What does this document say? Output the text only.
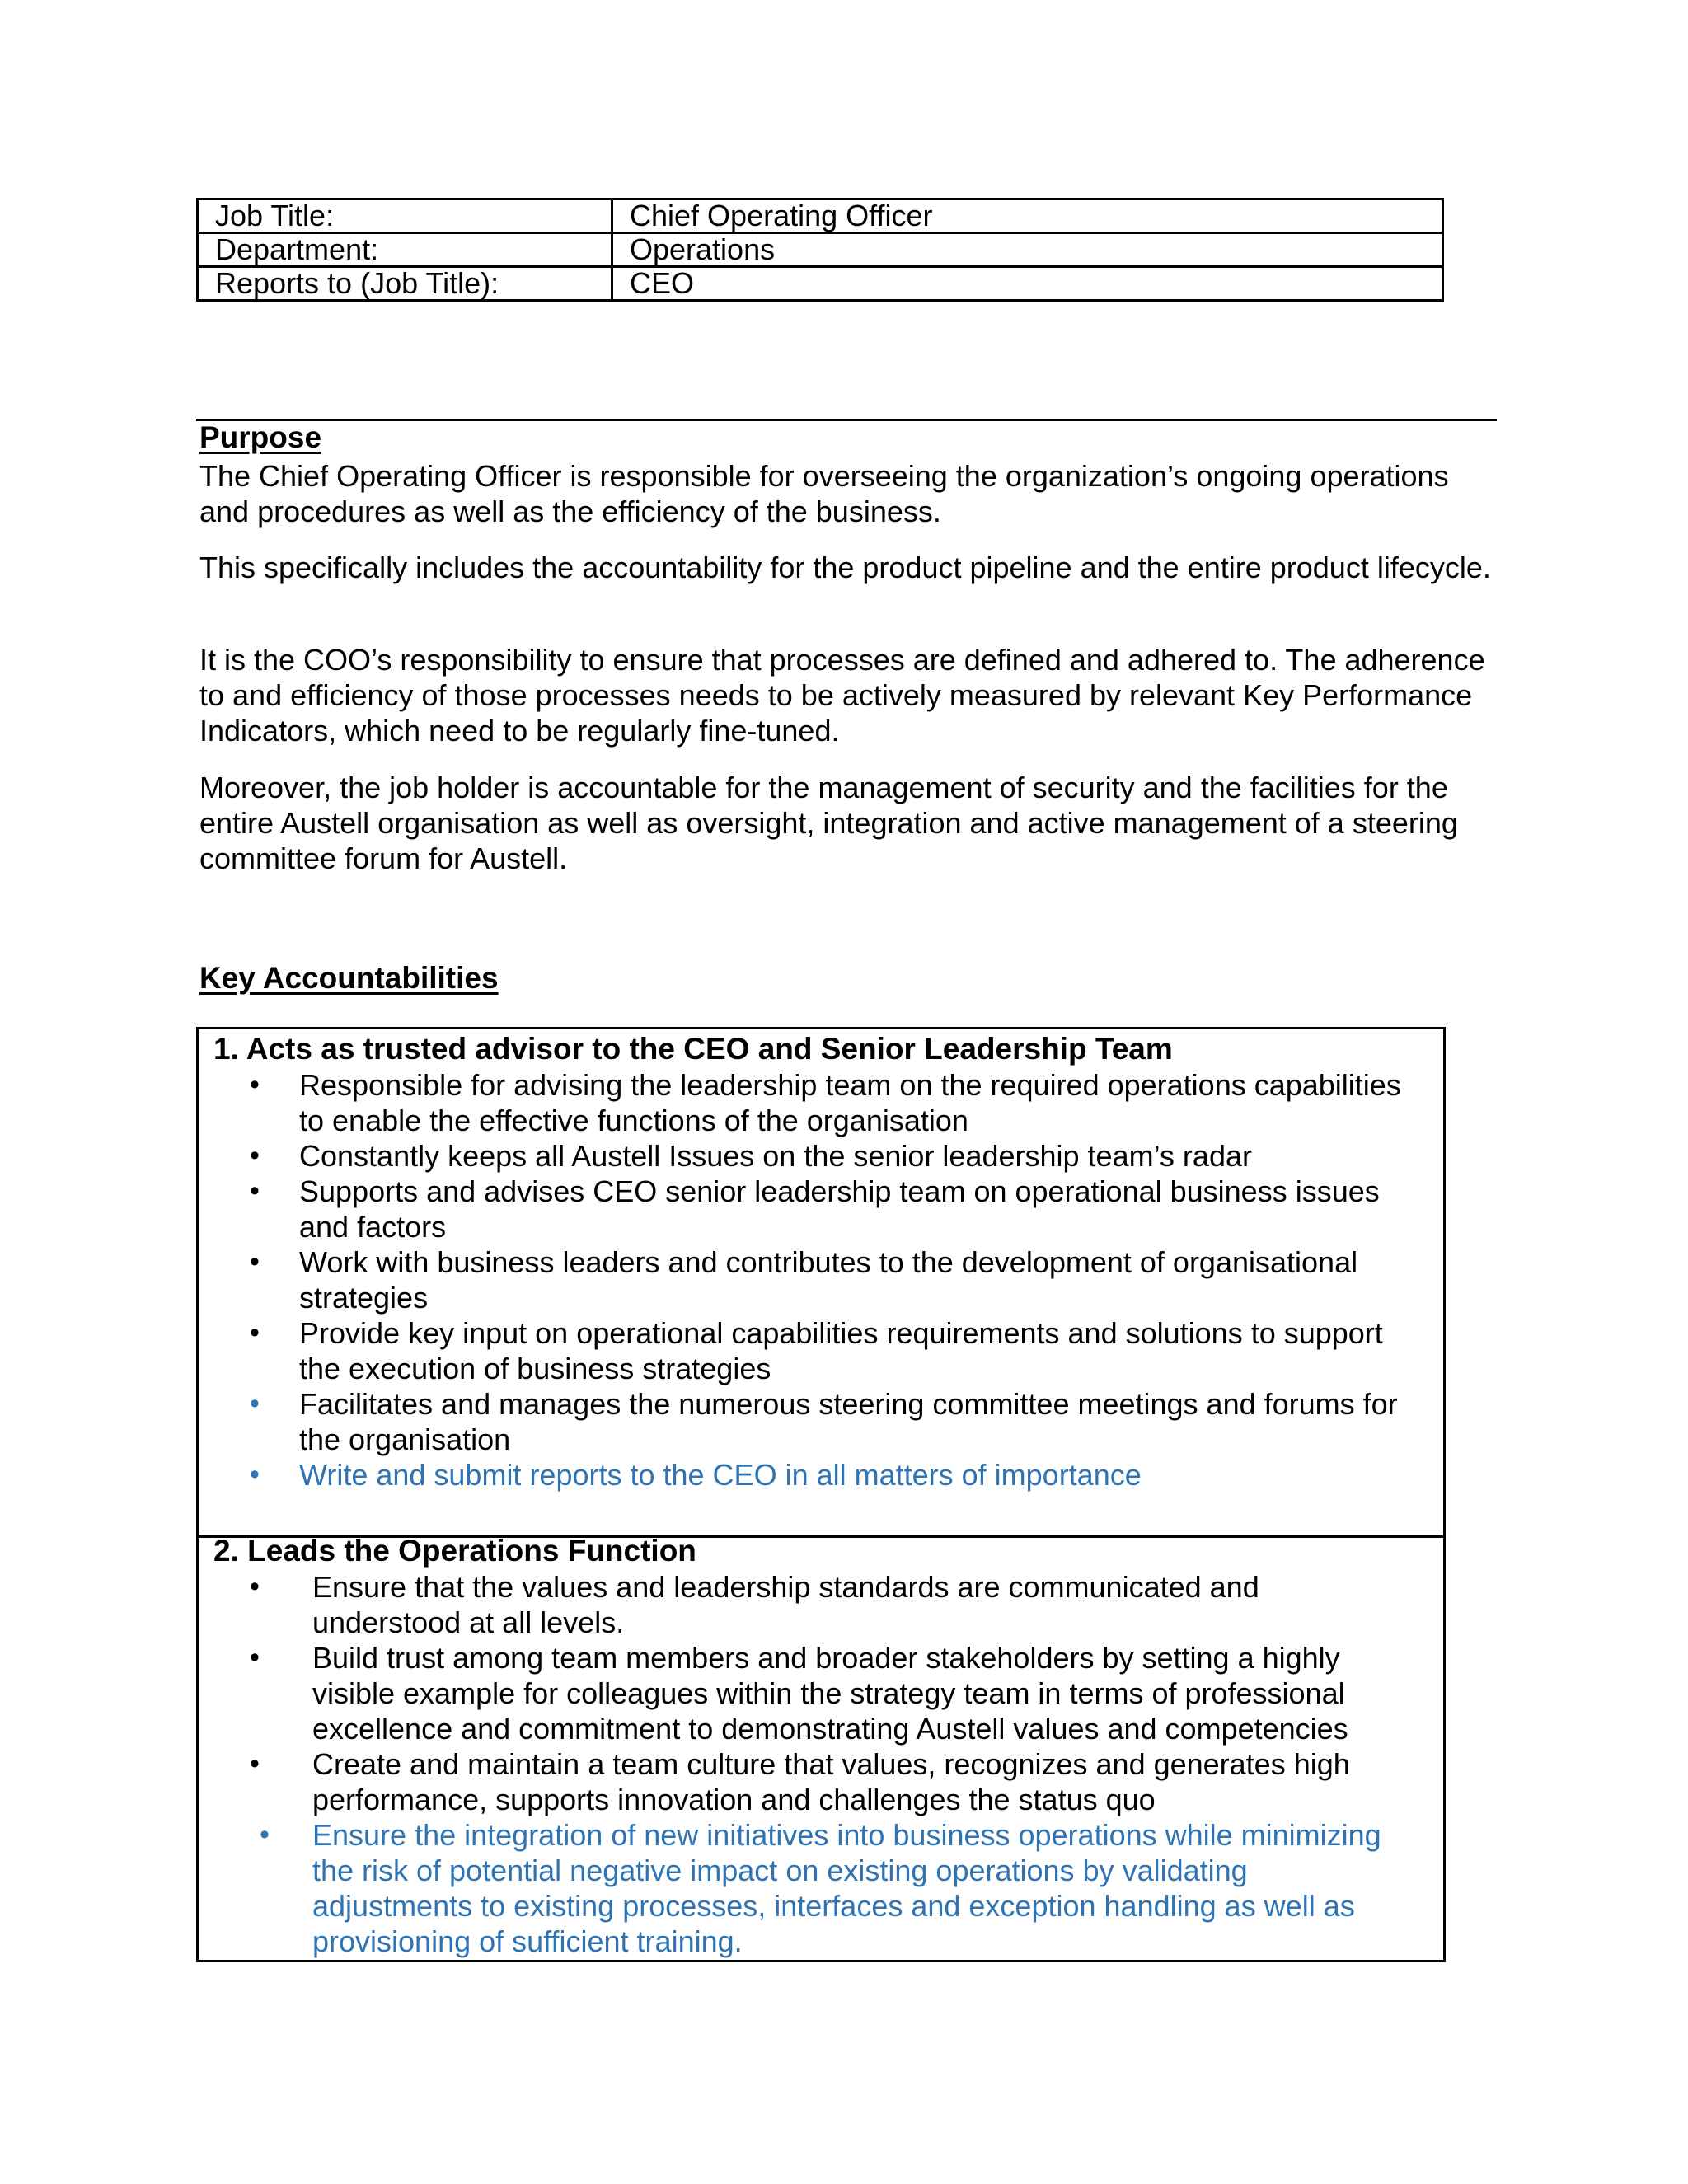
Job Title:	Chief Operating Officer
Department:	Operations
Reports to (Job Title):	CEO
Purpose
The Chief Operating Officer is responsible for overseeing the organization’s ongoing operations and procedures as well as the efficiency of the business.
This specifically includes the accountability for the product pipeline and the entire product lifecycle.
It is the COO’s responsibility to ensure that processes are defined and adhered to. The adherence to and efficiency of those processes needs to be actively measured by relevant Key Performance Indicators, which need to be regularly fine-tuned.
Moreover, the job holder is accountable for the management of security and the facilities for the entire Austell organisation as well as oversight, integration and active management of a steering committee forum for Austell.
Key Accountabilities
1. Acts as trusted advisor to the CEO and Senior Leadership Team
• Responsible for advising the leadership team on the required operations capabilities to enable the effective functions of the organisation
• Constantly keeps all Austell Issues on the senior leadership team’s radar
• Supports and advises CEO senior leadership team on operational business issues and factors
• Work with business leaders and contributes to the development of organisational strategies
• Provide key input on operational capabilities requirements and solutions to support the execution of business strategies
• Facilitates and manages the numerous steering committee meetings and forums for the organisation
• Write and submit reports to the CEO in all matters of importance
2. Leads the Operations Function
• Ensure that the values and leadership standards are communicated and understood at all levels.
• Build trust among team members and broader stakeholders by setting a highly visible example for colleagues within the strategy team in terms of professional excellence and commitment to demonstrating Austell values and competencies
• Create and maintain a team culture that values, recognizes and generates high performance, supports innovation and challenges the status quo
• Ensure the integration of new initiatives into business operations while minimizing the risk of potential negative impact on existing operations by validating adjustments to existing processes, interfaces and exception handling as well as provisioning of sufficient training.
